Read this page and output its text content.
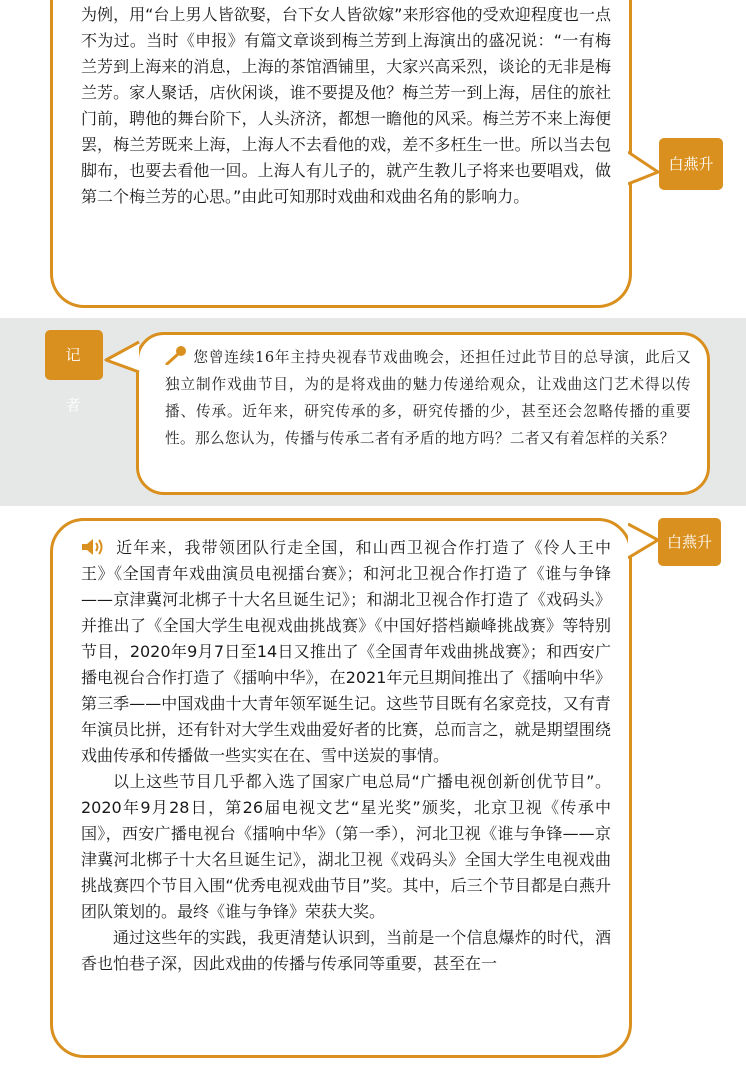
为例，用“台上男人皆欲娶，台下女人皆欲嫁”来形容他的受欢迎程度也一点不为过。当时《申报》有篇文章谈到梅兰芳到上海演出的盛况说：“一有梅兰芳到上海来的消息，上海的茶馆酒铺里，大家兴高采烈，谈论的无非是梅兰芳。家人聚话，店伙闲谈，谁不要提及他？梅兰芳一到上海，居住的旅社门前，聘他的舞台阶下，人头济济，都想一瞻他的风采。梅兰芳不来上海便罢，梅兰芳既来上海，上海人不去看他的戏，差不多枉生一世。所以当去包脚布，也要去看他一回。上海人有儿子的，就产生教儿子将来也要唱戏，做第二个梅兰芳的心思。”由此可知那时戏曲和戏曲名角的影响力。

白燕升
记 者

您曾连续16年主持央视春节戏曲晚会，还担任过此节目的总导演，此后又独立制作戏曲节目，为的是将戏曲的魅力传递给观众，让戏曲这门艺术得以传播、传承。近年来，研究传承的多，研究传播的少，甚至还会忽略传播的重要性。那么您认为，传播与传承二者有矛盾的地方吗？二者又有着怎样的关系？

近年来，我带领团队行走全国，和山西卫视合作打造了《伶人王中王》《全国青年戏曲演员电视擂台赛》；和河北卫视合作打造了《谁与争锋——京津冀河北梆子十大名旦诞生记》；和湖北卫视合作打造了《戏码头》并推出了《全国大学生电视戏曲挑战赛》《中国好搭档巅峰挑战赛》等特别节目，2020年9月7日至14日又推出了《全国青年戏曲挑战赛》；和西安广播电视台合作打造了《擂响中华》，在2021年元旦期间推出了《擂响中华》第三季——中国戏曲十大青年领军诞生记。这些节目既有名家竞技，又有青年演员比拼，还有针对大学生戏曲爱好者的比赛，总而言之，就是期望围绕戏曲传承和传播做一些实实在在、雪中送炭的事情。

以上这些节目几乎都入选了国家广电总局“广播电视创新创优节目”。2020年9月28日，第26届电视文艺“星光奖”颁奖，北京卫视《传承中国》，西安广播电视台《擂响中华》（第一季），河北卫视《谁与争锋——京津冀河北梆子十大名旦诞生记》，湖北卫视《戏码头》全国大学生电视戏曲挑战赛四个节目入围“优秀电视戏曲节目”奖。其中，后三个节目都是白燕升团队策划的。最终《谁与争锋》荣获大奖。

通过这些年的实践，我更清楚认识到，当前是一个信息爆炸的时代，酒香也怕巷子深，因此戏曲的传播与传承同等重要，甚至在一

白燕升
